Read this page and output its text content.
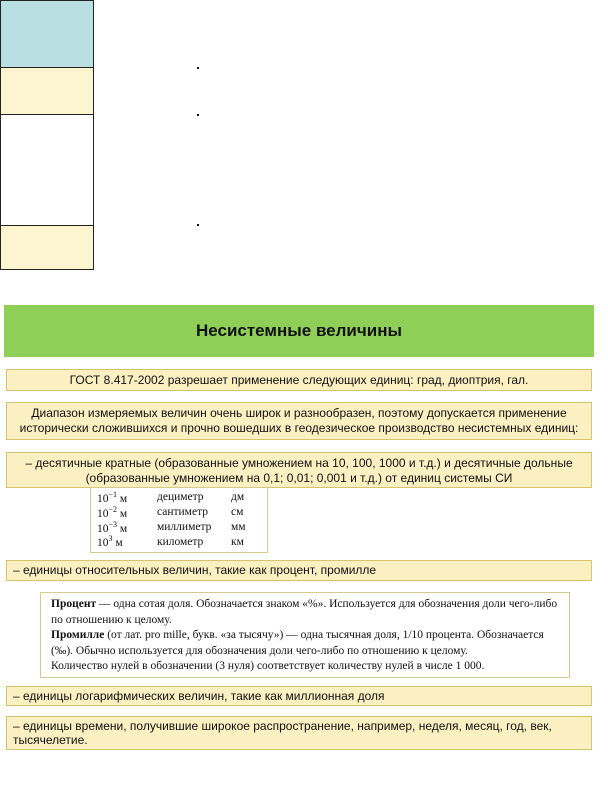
Несистемные величины
ГОСТ 8.417-2002 разрешает применение следующих единиц: град, диоптрия, гал.
Диапазон измеряемых величин очень широк и разнообразен, поэтому допускается применение исторически сложившихся и прочно вошедших в геодезическое производство несистемных единиц:
– десятичные кратные (образованные умножением на 10, 100, 1000 и т.д.) и десятичные дольные (образованные умножением на 0,1; 0,01; 0,001 и т.д.) от единиц системы СИ
$10^{-1}$ м	дециметр	дм
$10^{-2}$ м	сантиметр	см
$10^{-3}$ м	миллиметр	мм
$10^3$ м	километр	км
– единицы относительных величин, такие как процент, промилле
Процент — одна сотая доля. Обозначается знаком «%». Используется для обозначения доли чего-либо по отношению к целому.
Промилле (от лат. pro mille, букв. «за тысячу») — одна тысячная доля, 1/10 процента. Обозначается (‰). Обычно используется для обозначения доли чего-либо по отношению к целому.
Количество нулей в обозначении (3 нуля) соответствует количеству нулей в числе 1 000.
– единицы логарифмических величин, такие как миллионная доля
– единицы времени, получившие широкое распространение, например, неделя, месяц, год, век, тысячелетие.
